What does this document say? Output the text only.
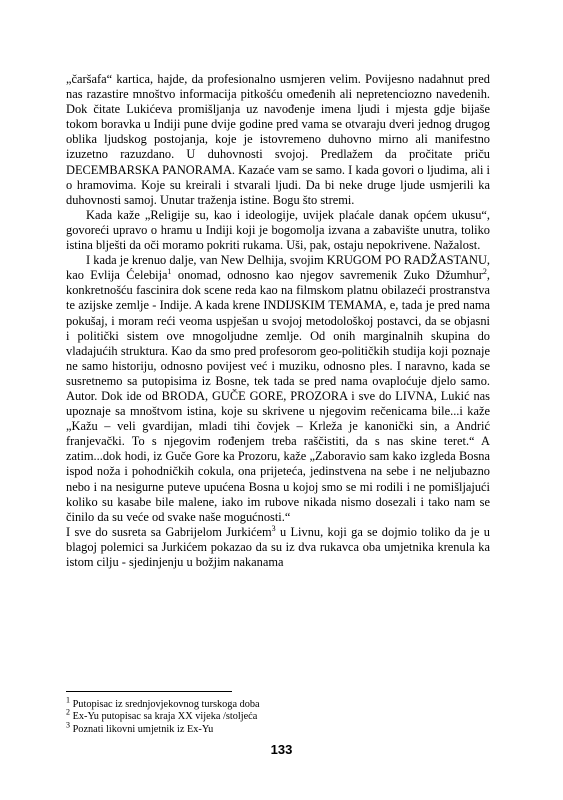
„čaršafa“ kartica, hajde, da profesionalno usmjeren velim. Povijesno nadahnut pred nas razastire mnoštvo informacija pitkošću omeđenih ali nepretenciozno navedenih. Dok čitate Lukićeva promišljanja uz navođenje imena ljudi i mjesta gdje bijaše tokom boravka u Indiji pune dvije godine pred vama se otvaraju dveri jednog drugog oblika ljudskog postojanja, koje je istovremeno duhovno mirno ali manifestno izuzetno razuzdano. U duhovnosti svojoj. Predlažem da pročitate priču DECEMBARSKA PANORAMA. Kazaće vam se samo. I kada govori o ljudima, ali i o hramovima. Koje su kreirali i stvarali ljudi. Da bi neke druge ljude usmjerili ka duhovnosti samoj. Unutar traženja istine. Bogu što stremi.

Kada kaže „Religije su, kao i ideologije, uvijek plaćale danak općem ukusu“, govoreći upravo o hramu u Indiji koji je bogomolja izvana a zabavište unutra, toliko istina blješti da oči moramo pokriti rukama. Uši, pak, ostaju nepokrivene. Nažalost.

I kada je krenuo dalje, van New Delhija, svojim KRUGOM PO RADŽASTANU, kao Evlija Ćelebija$^1$ onomad, odnosno kao njegov savremenik Zuko Džumhur$^2$, konkretnošću fascinira dok scene reda kao na filmskom platnu obilazeći prostranstva te azijske zemlje - Indije. A kada krene INDIJSKIM TEMAMA, e, tada je pred nama pokušaj, i moram reći veoma uspješan u svojoj metodološkoj postavci, da se objasni i politički sistem ove mnogoljudne zemlje. Od onih marginalnih skupina do vladajućih struktura. Kao da smo pred profesorom geo-političkih studija koji poznaje ne samo historiju, odnosno povijest već i muziku, odnosno ples. I naravno, kada se susretnemo sa putopisima iz Bosne, tek tada se pred nama ovaploćuje djelo samo. Autor. Dok ide od BRODA, GUČE GORE, PROZORA i sve do LIVNA, Lukić nas upoznaje sa mnoštvom istina, koje su skrivene u njegovim rečenicama bile...i kaže „Kažu – veli gvardijan, mladi tihi čovjek – Krleža je kanonički sin, a Andrić franjevački. To s njegovim rođenjem treba raščistiti, da s nas skine teret.“ A zatim...dok hodi, iz Guče Gore ka Prozoru, kaže „Zaboravio sam kako izgleda Bosna ispod noža i pohodničkih cokula, ona prijeteća, jedinstvena na sebe i ne neljubazno nebo i na nesigurne puteve upućena Bosna u kojoj smo se mi rodili i ne pomišljajući koliko su kasabe bile malene, iako im rubove nikada nismo dosezali i tako nam se činilo da su veće od svake naše mogućnosti.“

I sve do susreta sa Gabrijelom Jurkićem$^3$ u Livnu, koji ga se dojmio toliko da je u blagoj polemici sa Jurkićem pokazao da su iz dva rukavca oba umjetnika krenula ka istom cilju - sjedinjenju u božjim nakanama

$^1$ Putopisac iz srednjovjekovnog turskoga doba
$^2$ Ex-Yu putopisac sa kraja XX vijeka /stoljeća
$^3$ Poznati likovni umjetnik iz Ex-Yu
133
